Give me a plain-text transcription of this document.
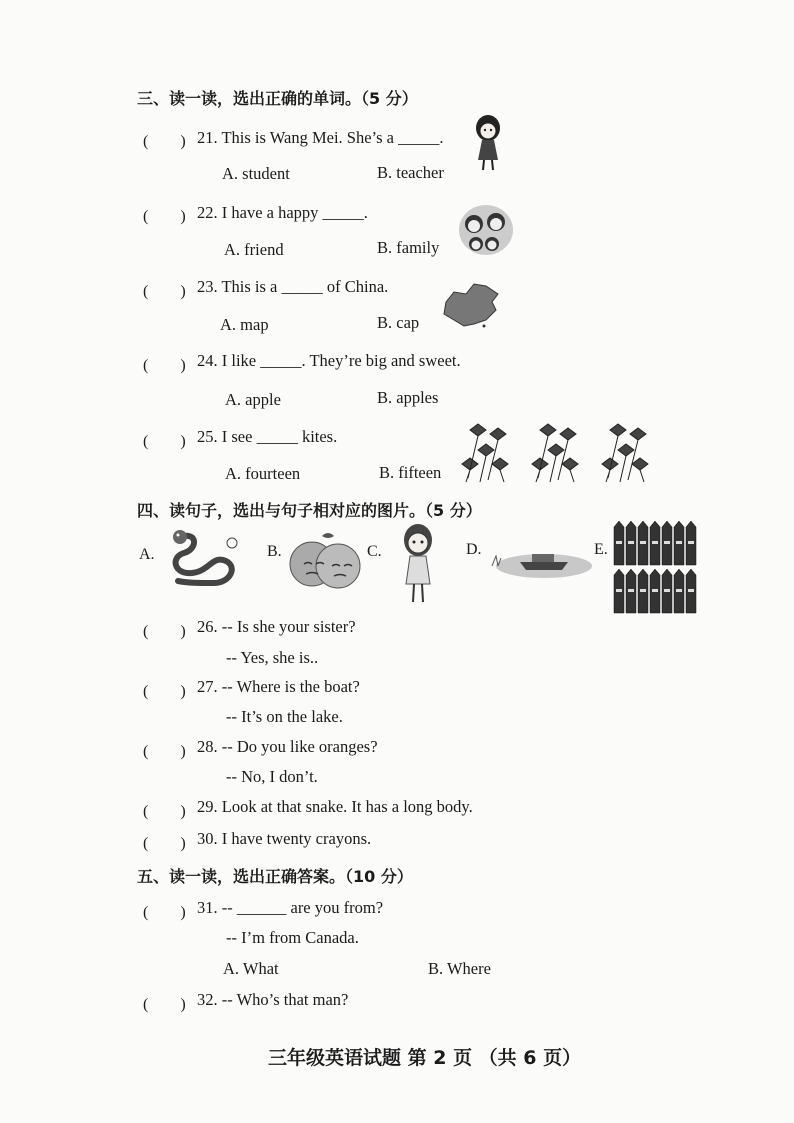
三、读一读，选出正确的单词。（5 分）
(　　) 21. This is Wang Mei. She’s a _____.
A. student	B. teacher
(　　) 22. I have a happy _____.
A. friend	B. family
(　　) 23. This is a _____ of China.
A. map	B. cap
(　　) 24. I like _____. They’re big and sweet.
A. apple	B. apples
(　　) 25. I see _____ kites.
A. fourteen	B. fifteen
四、读句子，选出与句子相对应的图片。（5 分）
A.	B.	C.	D.	E.
(　　) 26. -- Is she your sister?
-- Yes, she is..
(　　) 27. -- Where is the boat?
-- It’s on the lake.
(　　) 28. -- Do you like oranges?
-- No, I don’t.
(　　) 29. Look at that snake. It has a long body.
(　　) 30. I have twenty crayons.
五、读一读，选出正确答案。（10 分）
(　　) 31. -- ______ are you from?
-- I’m from Canada.
A. What	B. Where
(　　) 32. -- Who’s that man?
三年级英语试题 第 2 页 （共 6 页）
